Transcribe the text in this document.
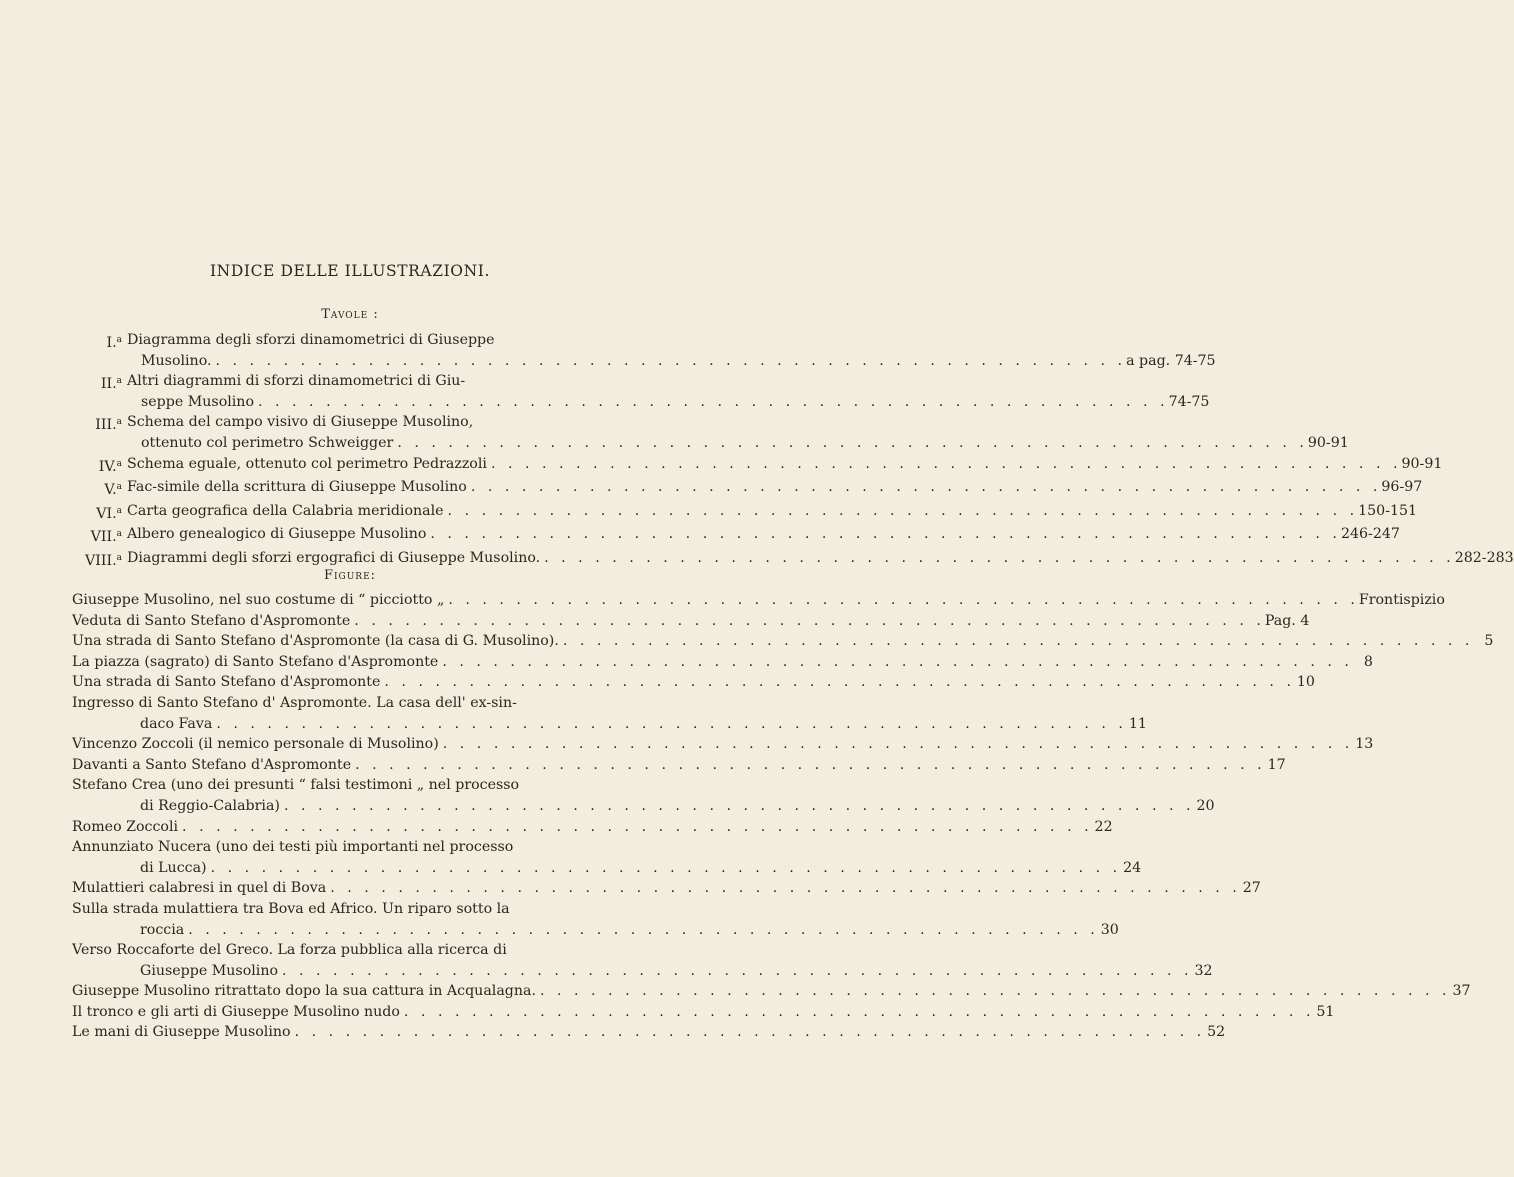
INDICE DELLE ILLUSTRAZIONI.
Tavole :
I.$^a$ Diagramma degli sforzi dinamometrici di Giuseppe
Musolino. . . .	a pag. 74-75
II.$^a$ Altri diagrammi di sforzi dinamometrici di Giu-
seppe Musolino . . .	74-75
III.$^a$ Schema del campo visivo di Giuseppe Musolino,
ottenuto col perimetro Schweigger . . .	90-91
IV.$^a$ Schema eguale, ottenuto col perimetro Pedrazzoli . . .	90-91
V.$^a$ Fac-simile della scrittura di Giuseppe Musolino . . .	96-97
VI.$^a$ Carta geografica della Calabria meridionale . . .	150-151
VII.$^a$ Albero genealogico di Giuseppe Musolino . . .	246-247
VIII.$^a$ Diagrammi degli sforzi ergografici di Giuseppe Musolino. . . .	282-283
Figure:
Giuseppe Musolino, nel suo costume di “ picciotto „ . . .	Frontispizio
Veduta di Santo Stefano d'Aspromonte . . .	Pag. 4
Una strada di Santo Stefano d'Aspromonte (la casa di G. Musolino). . . .	5
La piazza (sagrato) di Santo Stefano d'Aspromonte . . .	8
Una strada di Santo Stefano d'Aspromonte . . .	10
Ingresso di Santo Stefano d' Aspromonte. La casa dell' ex-sin-
daco Fava . . .	11
Vincenzo Zoccoli (il nemico personale di Musolino) . . .	13
Davanti a Santo Stefano d'Aspromonte . . .	17
Stefano Crea (uno dei presunti “ falsi testimoni „ nel processo
di Reggio-Calabria) . . .	20
Romeo Zoccoli . . .	22
Annunziato Nucera (uno dei testi più importanti nel processo
di Lucca) . . .	24
Mulattieri calabresi in quel di Bova . . .	27
Sulla strada mulattiera tra Bova ed Africo. Un riparo sotto la
roccia . . .	30
Verso Roccaforte del Greco. La forza pubblica alla ricerca di
Giuseppe Musolino . . .	32
Giuseppe Musolino ritrattato dopo la sua cattura in Acqualagna. . . .	37
Il tronco e gli arti di Giuseppe Musolino nudo . . .	51
Le mani di Giuseppe Musolino . . .	52
